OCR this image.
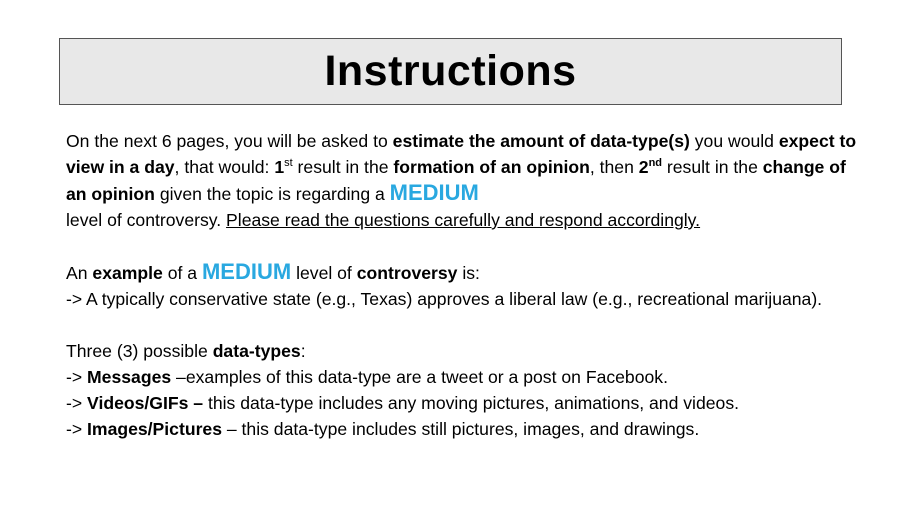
Instructions

On the next 6 pages, you will be asked to estimate the amount of data-type(s) you would expect to view in a day, that would: 1st result in the formation of an opinion, then 2nd result in the change of an opinion given the topic is regarding a MEDIUM
level of controversy. Please read the questions carefully and respond accordingly.

An example of a MEDIUM level of controversy is:

-> A typically conservative state (e.g., Texas) approves a liberal law (e.g., recreational marijuana).

Three (3) possible data-types:

-> Messages –examples of this data-type are a tweet or a post on Facebook.

-> Videos/GIFs – this data-type includes any moving pictures, animations, and videos.

-> Images/Pictures – this data-type includes still pictures, images, and drawings.
